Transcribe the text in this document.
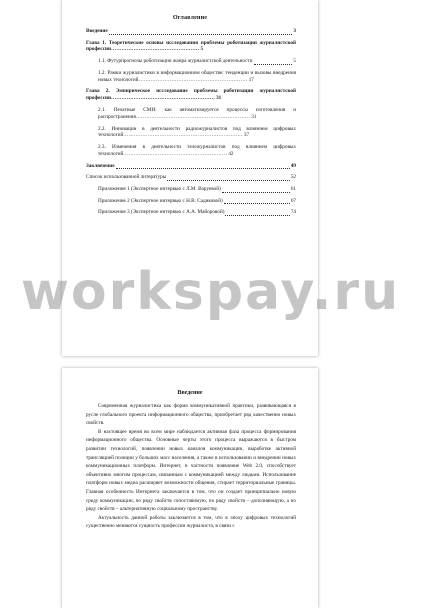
Оглавление
Введение	3
Глава 1. Теоретические основы исследования проблемы роботизации журналистской профессии…………………………………………… 5
1.1. Футурпрогнозы роботизации жанра журналистской деятельности	5
1.2. Рамки журналистики в информационном обществе: тенденции и вызовы внедрения новых технологий……………………………………………………… 17
Глава 2. Эмпирическое исследование проблемы роботизации журналистской профессии…………………………………………………… 31
2.1. Печатные СМИ: как автоматизируется процессы изготовления и распространения………………………………………………………… 31
2.2. Инновации в деятельности радиожурналистов под влиянием цифровых технологий…………………………………………………………… 37
2.3. Изменения в деятельности тележурналистов под влиянием цифровых технологий…………………………………………………… 42
Заключение	49
Список использованной литературы	52
Приложение 1 (Экспертное интервью с Л.М. Варуевой)	61
Приложение 2 (Экспертное интервью с Н.В. Садиковой)	67
Приложение 3 (Экспертное интервью с А.А. Майоровой)	74
Введение

Современная журналистика как форма коммуникативной практики, развивающаяся в русле глобального проекта информационного общества, приобретает ряд качественно новых свойств.

В настоящее время во всем мире наблюдается активная фаза процесса формирования информационного общества. Основные черты этого процесса выражаются в быстром развитии технологий, появлении новых каналов коммуникации, выработке активной трансляцией позиции у больших масс населения, а также в использовании и внедрении новых коммуникационных платформ. Интернет, в частности появление Web 2.0, способствует объективно многим процессам, связанным с коммуникацией между людьми. Использование платформ новых медиа расширяет возможности общения, стирает территориальные границы. Главная особенность Интернета заключается в том, что он создает принципиально новую среду коммуникации, по ряду свойств сопоставимую, по ряду свойств – дополняющую, а по ряду свойств – альтернативную социальному пространству.

Актуальность данной работы заключается в том, что в эпоху цифровых технологий существенно меняются сущность профессии журналиста, в связи с

workspay.ru
